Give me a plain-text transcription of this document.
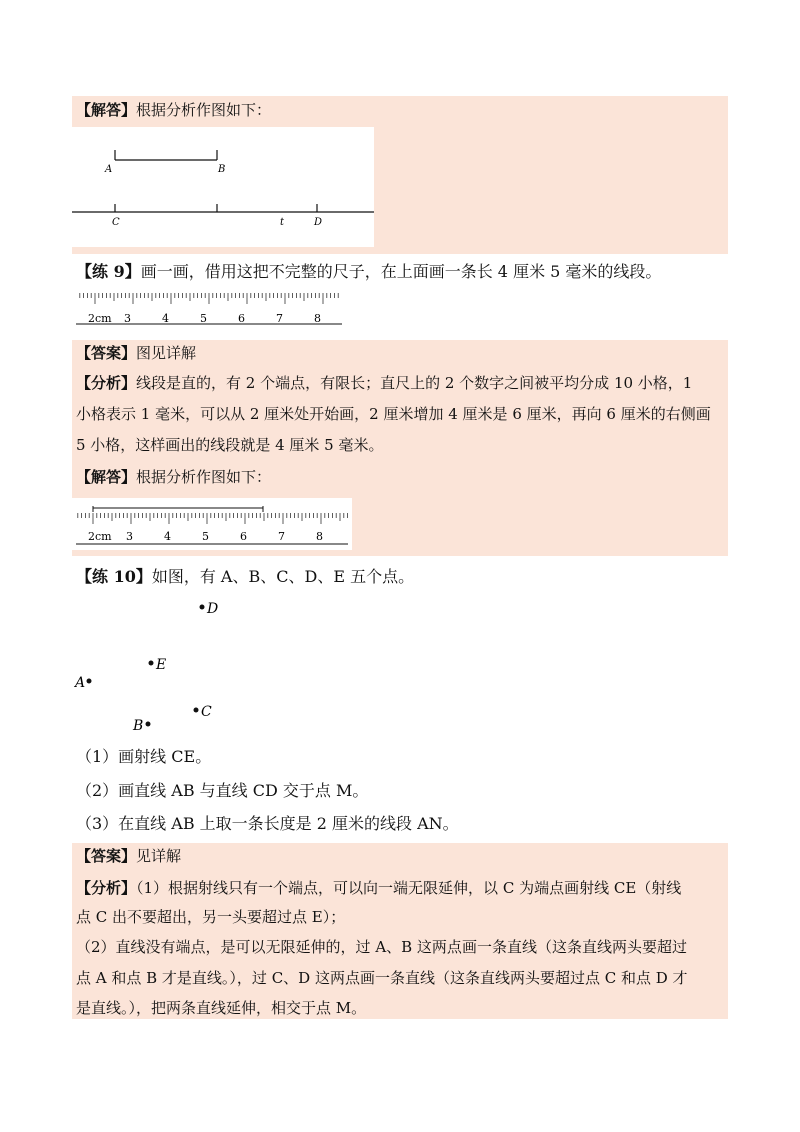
【解答】根据分析作图如下：
A	B
C	t	D
【练 9】画一画，借用这把不完整的尺子，在上面画一条长 4 厘米 5 毫米的线段。
2cm 3	4	5	6	7	8
【答案】图见详解
【分析】线段是直的，有 2 个端点，有限长；直尺上的 2 个数字之间被平均分成 10 小格，1
小格表示 1 毫米，可以从 2 厘米处开始画，2 厘米增加 4 厘米是 6 厘米，再向 6 厘米的右侧画
5 小格，这样画出的线段就是 4 厘米 5 毫米。
【解答】根据分析作图如下：
2cm 3	4	5	6	7	8
【练 10】如图，有 A、B、C、D、E 五个点。
D
E
A
C
B
（1）画射线 CE。
（2）画直线 AB 与直线 CD 交于点 M。
（3）在直线 AB 上取一条长度是 2 厘米的线段 AN。
【答案】见详解
【分析】（1）根据射线只有一个端点，可以向一端无限延伸，以 C 为端点画射线 CE（射线
点 C 出不要超出，另一头要超过点 E）；
（2）直线没有端点，是可以无限延伸的，过 A、B 这两点画一条直线（这条直线两头要超过
点 A 和点 B 才是直线。），过 C、D 这两点画一条直线（这条直线两头要超过点 C 和点 D 才
是直线。），把两条直线延伸，相交于点 M。
